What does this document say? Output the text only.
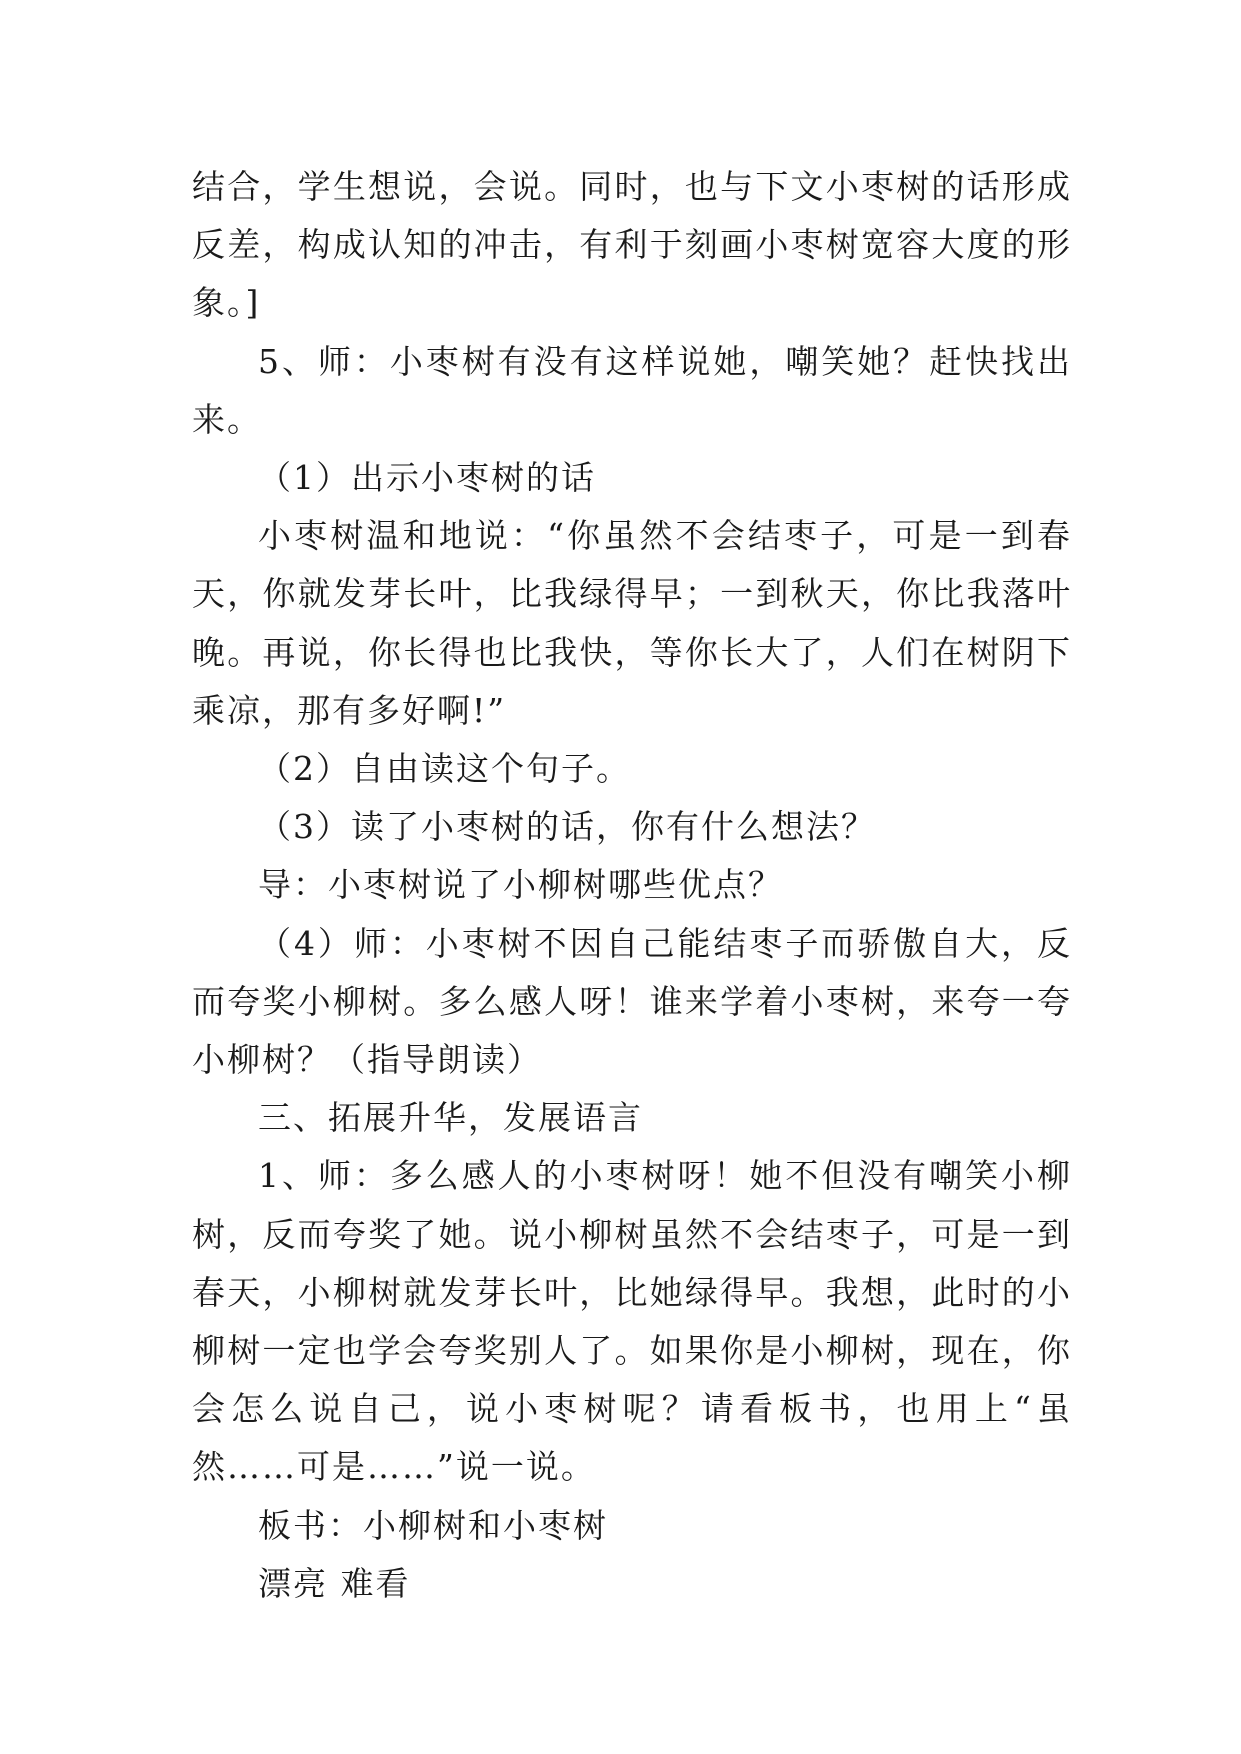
结合，学生想说，会说。同时，也与下文小枣树的话形成反差，构成认知的冲击，有利于刻画小枣树宽容大度的形象。]

5、师：小枣树有没有这样说她，嘲笑她？赶快找出来。

（1）出示小枣树的话

小枣树温和地说：“你虽然不会结枣子，可是一到春天，你就发芽长叶，比我绿得早；一到秋天，你比我落叶晚。再说，你长得也比我快，等你长大了，人们在树阴下乘凉，那有多好啊!”

（2）自由读这个句子。

（3）读了小枣树的话，你有什么想法？

导：小枣树说了小柳树哪些优点？

（4）师：小枣树不因自己能结枣子而骄傲自大，反而夸奖小柳树。多么感人呀！谁来学着小枣树，来夸一夸小柳树？（指导朗读）

三、拓展升华，发展语言

1、师：多么感人的小枣树呀！她不但没有嘲笑小柳树，反而夸奖了她。说小柳树虽然不会结枣子，可是一到春天，小柳树就发芽长叶，比她绿得早。我想，此时的小柳树一定也学会夸奖别人了。如果你是小柳树，现在，你会怎么说自己，说小枣树呢？请看板书，也用上“虽然……可是……”说一说。

板书：小柳树和小枣树

漂亮 难看
